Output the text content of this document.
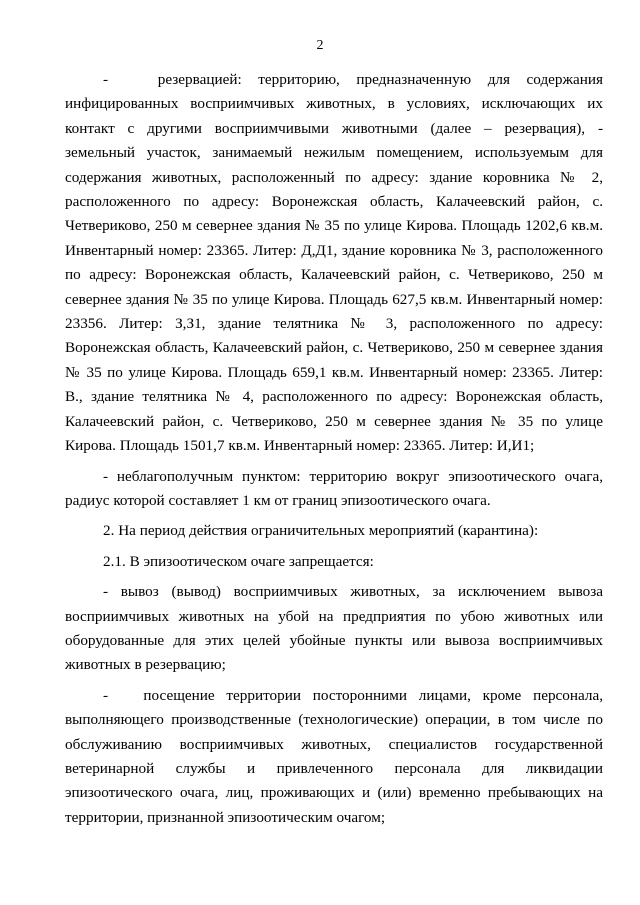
2

-   резервацией: территорию, предназначенную для содержания инфицированных восприимчивых животных, в условиях, исключающих их контакт с другими восприимчивыми животными (далее – резервация), - земельный участок, занимаемый нежилым помещением, используемым для содержания животных, расположенный по адресу: здание коровника № 2, расположенного по адресу: Воронежская область, Калачеевский район, с. Четвериково, 250 м севернее здания № 35 по улице Кирова. Площадь 1202,6 кв.м. Инвентарный номер: 23365. Литер: Д,Д1, здание коровника № 3, расположенного по адресу: Воронежская область, Калачеевский район, с. Четвериково, 250 м севернее здания № 35 по улице Кирова. Площадь 627,5 кв.м. Инвентарный номер: 23356. Литер: З,З1, здание телятника № 3, расположенного по адресу: Воронежская область, Калачеевский район, с. Четвериково, 250 м севернее здания № 35 по улице Кирова. Площадь 659,1 кв.м. Инвентарный номер: 23365. Литер: В., здание телятника № 4, расположенного по адресу: Воронежская область, Калачеевский район, с. Четвериково, 250 м севернее здания № 35 по улице Кирова. Площадь 1501,7 кв.м. Инвентарный номер: 23365. Литер: И,И1;

- неблагополучным пунктом: территорию вокруг эпизоотического очага, радиус которой составляет 1 км от границ эпизоотического очага.

2. На период действия ограничительных мероприятий (карантина):

2.1. В эпизоотическом очаге запрещается:

- вывоз (вывод) восприимчивых животных, за исключением вывоза восприимчивых животных на убой на предприятия по убою животных или оборудованные для этих целей убойные пункты или вывоза восприимчивых животных в резервацию;

-   посещение территории посторонними лицами, кроме персонала, выполняющего производственные (технологические) операции, в том числе по обслуживанию восприимчивых животных, специалистов государственной ветеринарной службы и привлеченного персонала для ликвидации эпизоотического очага, лиц, проживающих и (или) временно пребывающих на территории, признанной эпизоотическим очагом;
